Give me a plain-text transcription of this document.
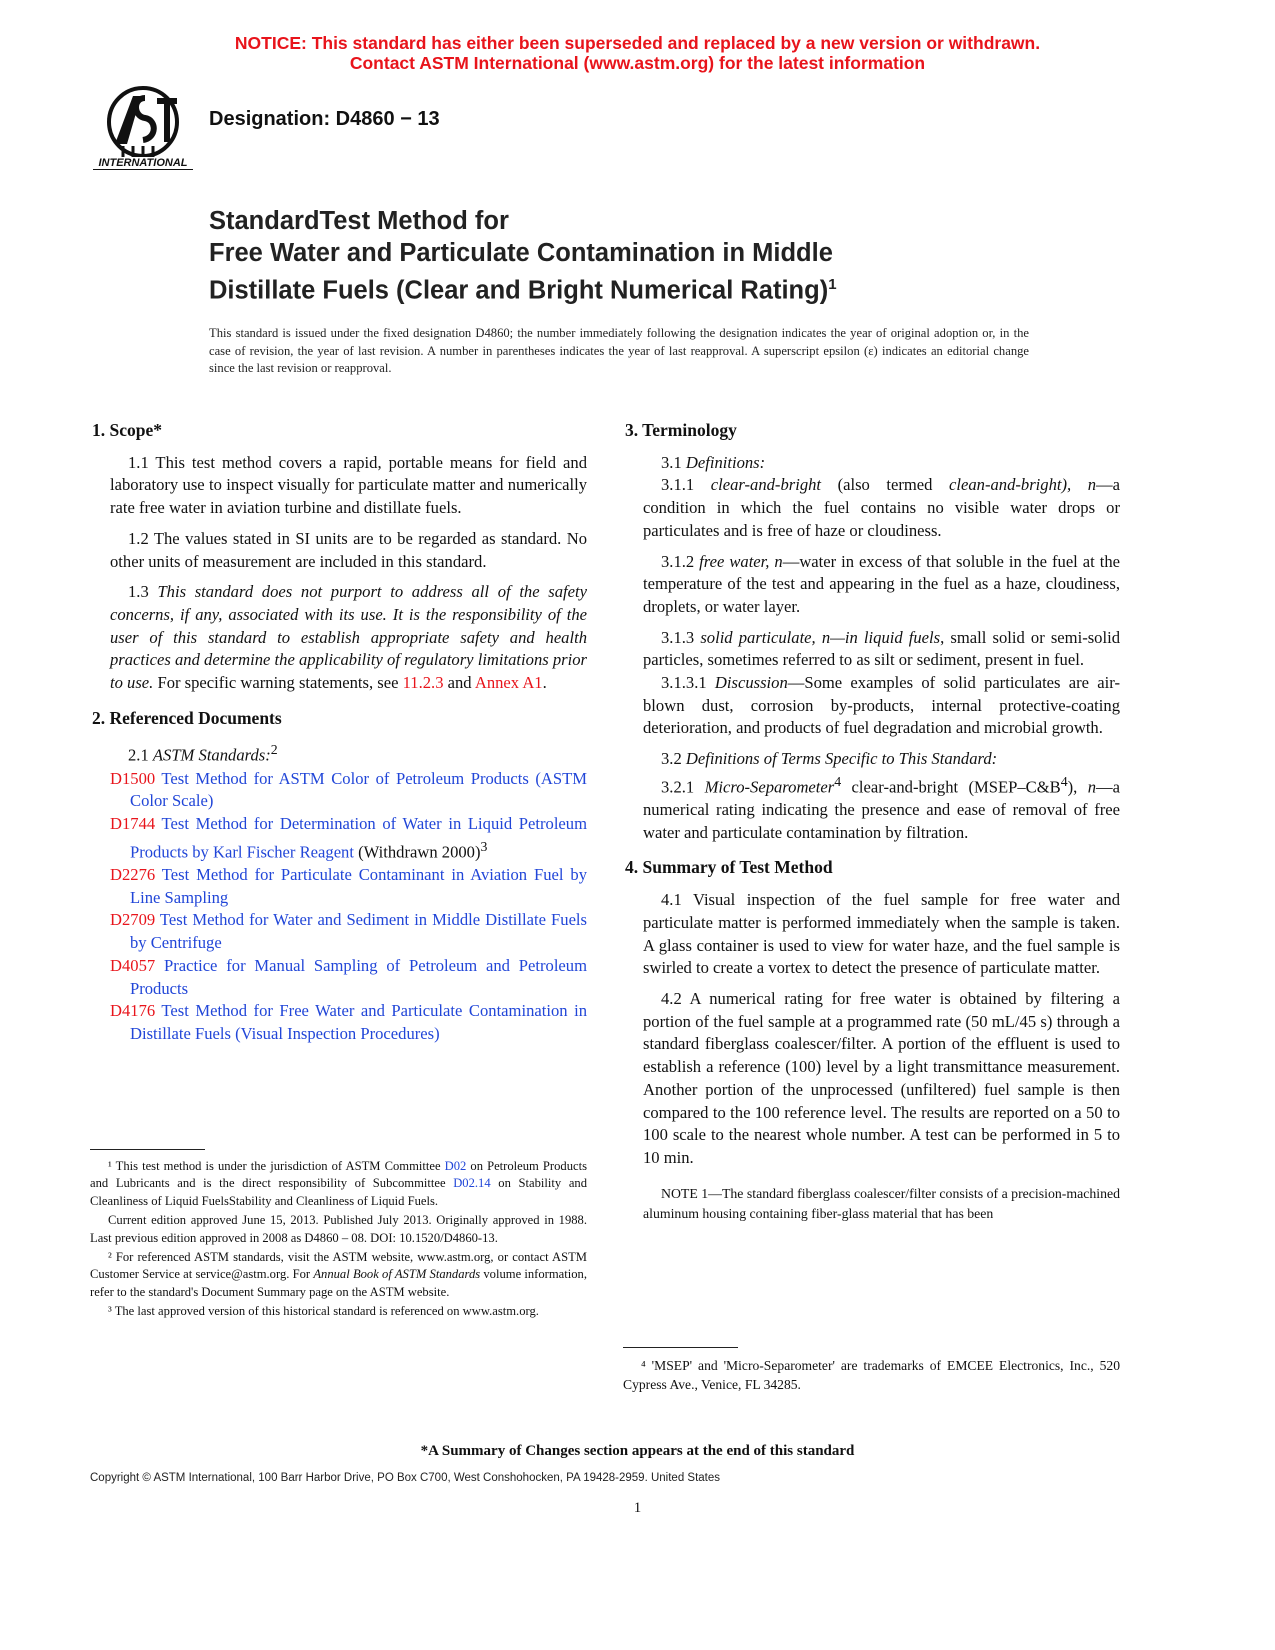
NOTICE: This standard has either been superseded and replaced by a new version or withdrawn.
Contact ASTM International (www.astm.org) for the latest information
INTERNATIONAL
Designation: D4860 − 13
StandardTest Method for
Free Water and Particulate Contamination in Middle
Distillate Fuels (Clear and Bright Numerical Rating)$^1$
This standard is issued under the fixed designation D4860; the number immediately following the designation indicates the year of original adoption or, in the case of revision, the year of last revision. A number in parentheses indicates the year of last reapproval. A superscript epsilon (ε) indicates an editorial change since the last revision or reapproval.

1. Scope*

1.1 This test method covers a rapid, portable means for field and laboratory use to inspect visually for particulate matter and numerically rate free water in aviation turbine and distillate fuels.

1.2 The values stated in SI units are to be regarded as standard. No other units of measurement are included in this standard.

1.3 This standard does not purport to address all of the safety concerns, if any, associated with its use. It is the responsibility of the user of this standard to establish appropriate safety and health practices and determine the applicability of regulatory limitations prior to use. For specific warning statements, see 11.2.3 and Annex A1.

2. Referenced Documents

2.1 ASTM Standards:$^2$

D1500 Test Method for ASTM Color of Petroleum Products (ASTM Color Scale)

D1744 Test Method for Determination of Water in Liquid Petroleum Products by Karl Fischer Reagent (Withdrawn 2000)$^3$

D2276 Test Method for Particulate Contaminant in Aviation Fuel by Line Sampling

D2709 Test Method for Water and Sediment in Middle Distillate Fuels by Centrifuge

D4057 Practice for Manual Sampling of Petroleum and Petroleum Products

D4176 Test Method for Free Water and Particulate Contamination in Distillate Fuels (Visual Inspection Procedures)

¹ This test method is under the jurisdiction of ASTM Committee D02 on Petroleum Products and Lubricants and is the direct responsibility of Subcommittee D02.14 on Stability and Cleanliness of Liquid FuelsStability and Cleanliness of Liquid Fuels.

Current edition approved June 15, 2013. Published July 2013. Originally approved in 1988. Last previous edition approved in 2008 as D4860 – 08. DOI: 10.1520/D4860-13.

² For referenced ASTM standards, visit the ASTM website, www.astm.org, or contact ASTM Customer Service at service@astm.org. For Annual Book of ASTM Standards volume information, refer to the standard's Document Summary page on the ASTM website.

³ The last approved version of this historical standard is referenced on www.astm.org.

3. Terminology

3.1 Definitions:

3.1.1 clear-and-bright (also termed clean-and-bright), n—a condition in which the fuel contains no visible water drops or particulates and is free of haze or cloudiness.

3.1.2 free water, n—water in excess of that soluble in the fuel at the temperature of the test and appearing in the fuel as a haze, cloudiness, droplets, or water layer.

3.1.3 solid particulate, n—in liquid fuels, small solid or semi-solid particles, sometimes referred to as silt or sediment, present in fuel.

3.1.3.1 Discussion—Some examples of solid particulates are air-blown dust, corrosion by-products, internal protective-coating deterioration, and products of fuel degradation and microbial growth.

3.2 Definitions of Terms Specific to This Standard:

3.2.1 Micro-Separometer$^4$ clear-and-bright $(MSEP-C\&B^4)$, n—a numerical rating indicating the presence and ease of removal of free water and particulate contamination by filtration.

4. Summary of Test Method

4.1 Visual inspection of the fuel sample for free water and particulate matter is performed immediately when the sample is taken. A glass container is used to view for water haze, and the fuel sample is swirled to create a vortex to detect the presence of particulate matter.

4.2 A numerical rating for free water is obtained by filtering a portion of the fuel sample at a programmed rate (50 mL/45 s) through a standard fiberglass coalescer/filter. A portion of the effluent is used to establish a reference (100) level by a light transmittance measurement. Another portion of the unprocessed (unfiltered) fuel sample is then compared to the 100 reference level. The results are reported on a 50 to 100 scale to the nearest whole number. A test can be performed in 5 to 10 min.

NOTE 1—The standard fiberglass coalescer/filter consists of a precision-machined aluminum housing containing fiber-glass material that has been

⁴ 'MSEP' and 'Micro-Separometer' are trademarks of EMCEE Electronics, Inc., 520 Cypress Ave., Venice, FL 34285.

*A Summary of Changes section appears at the end of this standard
Copyright © ASTM International, 100 Barr Harbor Drive, PO Box C700, West Conshohocken, PA 19428-2959. United States
1
